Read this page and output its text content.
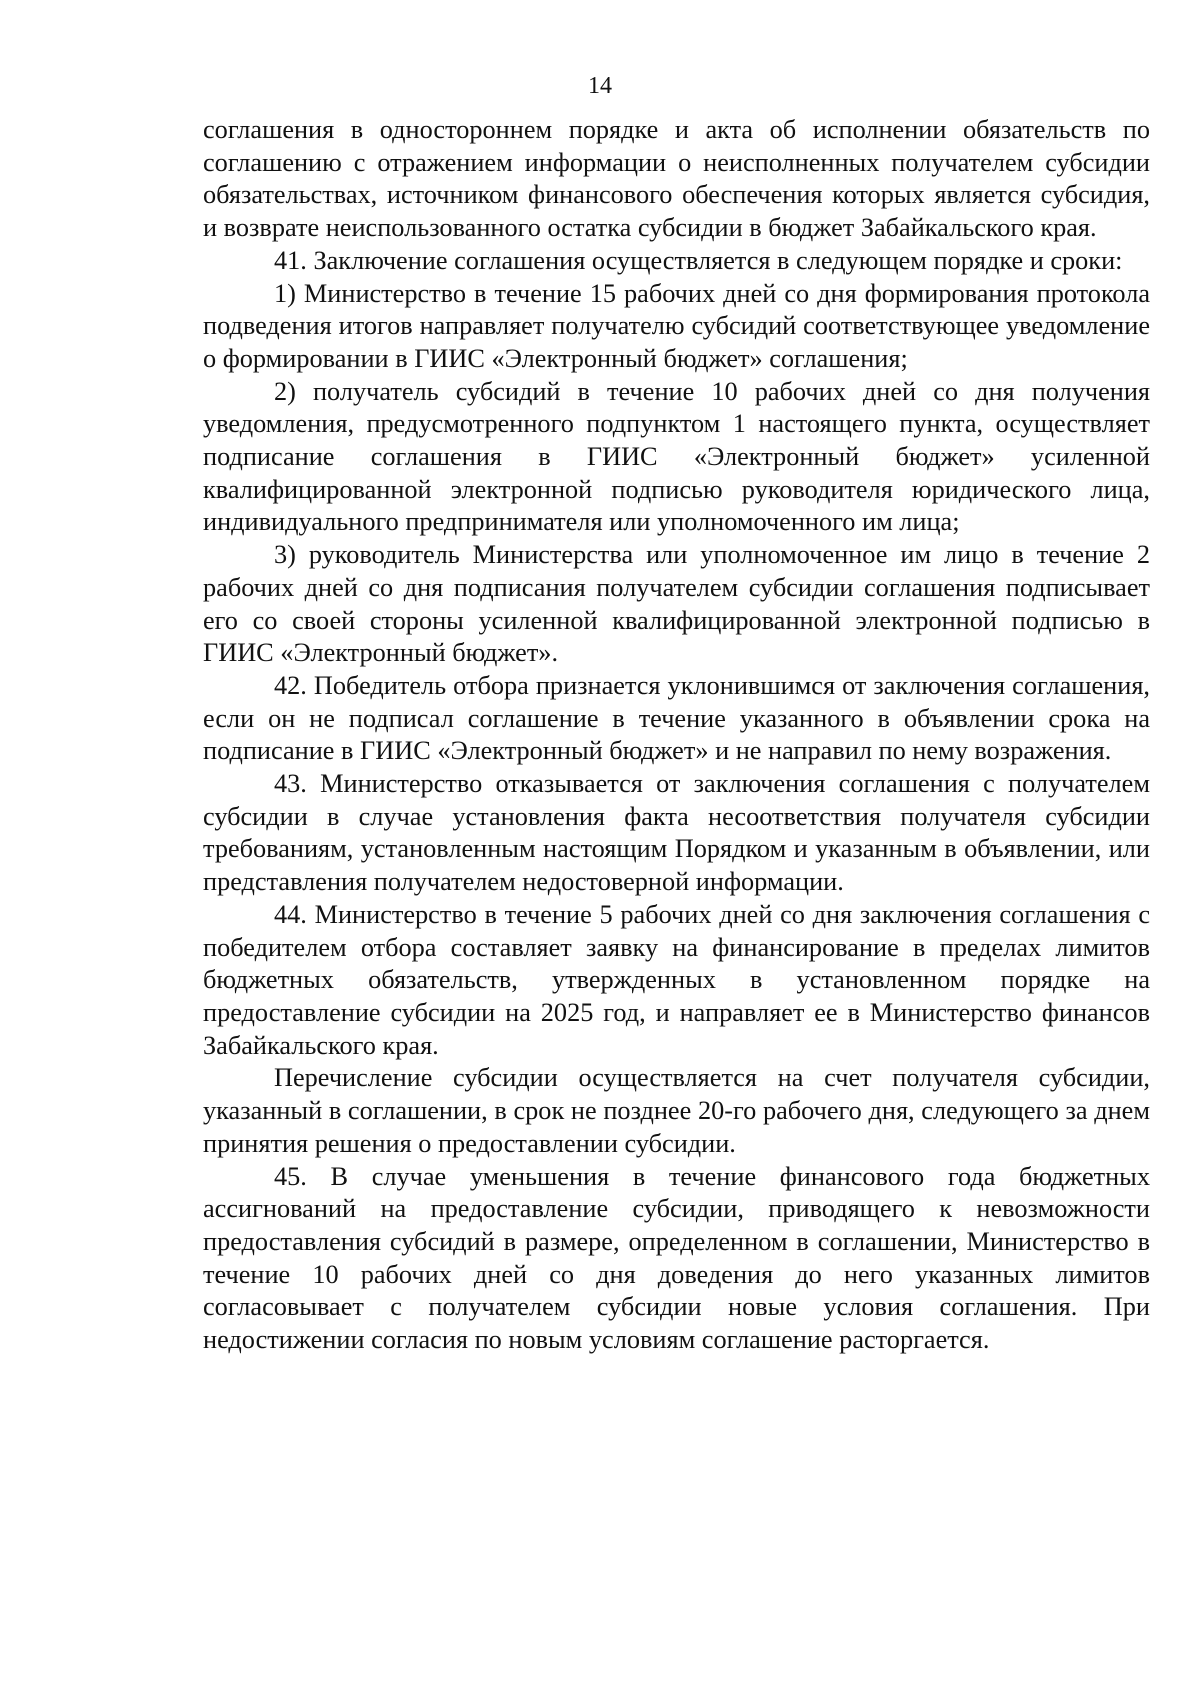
14

соглашения в одностороннем порядке и акта об исполнении обязательств по соглашению с отражением информации о неисполненных получателем субсидии обязательствах, источником финансового обеспечения которых является субсидия, и возврате неиспользованного остатка субсидии в бюджет Забайкальского края.

41. Заключение соглашения осуществляется в следующем порядке и сроки:

1) Министерство в течение 15 рабочих дней со дня формирования протокола подведения итогов направляет получателю субсидий соответствующее уведомление о формировании в ГИИС «Электронный бюджет» соглашения;

2) получатель субсидий в течение 10 рабочих дней со дня получения уведомления, предусмотренного подпунктом 1 настоящего пункта, осуществляет подписание соглашения в ГИИС «Электронный бюджет» усиленной квалифицированной электронной подписью руководителя юридического лица, индивидуального предпринимателя или уполномоченного им лица;

3) руководитель Министерства или уполномоченное им лицо в течение 2 рабочих дней со дня подписания получателем субсидии соглашения подписывает его со своей стороны усиленной квалифицированной электронной подписью в ГИИС «Электронный бюджет».

42. Победитель отбора признается уклонившимся от заключения соглашения, если он не подписал соглашение в течение указанного в объявлении срока на подписание в ГИИС «Электронный бюджет» и не направил по нему возражения.

43. Министерство отказывается от заключения соглашения с получателем субсидии в случае установления факта несоответствия получателя субсидии требованиям, установленным настоящим Порядком и указанным в объявлении, или представления получателем недостоверной информации.

44. Министерство в течение 5 рабочих дней со дня заключения соглашения с победителем отбора составляет заявку на финансирование в пределах лимитов бюджетных обязательств, утвержденных в установленном порядке на предоставление субсидии на 2025 год, и направляет ее в Министерство финансов Забайкальского края.

Перечисление субсидии осуществляется на счет получателя субсидии, указанный в соглашении, в срок не позднее 20-го рабочего дня, следующего за днем принятия решения о предоставлении субсидии.

45. В случае уменьшения в течение финансового года бюджетных ассигнований на предоставление субсидии, приводящего к невозможности предоставления субсидий в размере, определенном в соглашении, Министерство в течение 10 рабочих дней со дня доведения до него указанных лимитов согласовывает с получателем субсидии новые условия соглашения. При недостижении согласия по новым условиям соглашение расторгается.
